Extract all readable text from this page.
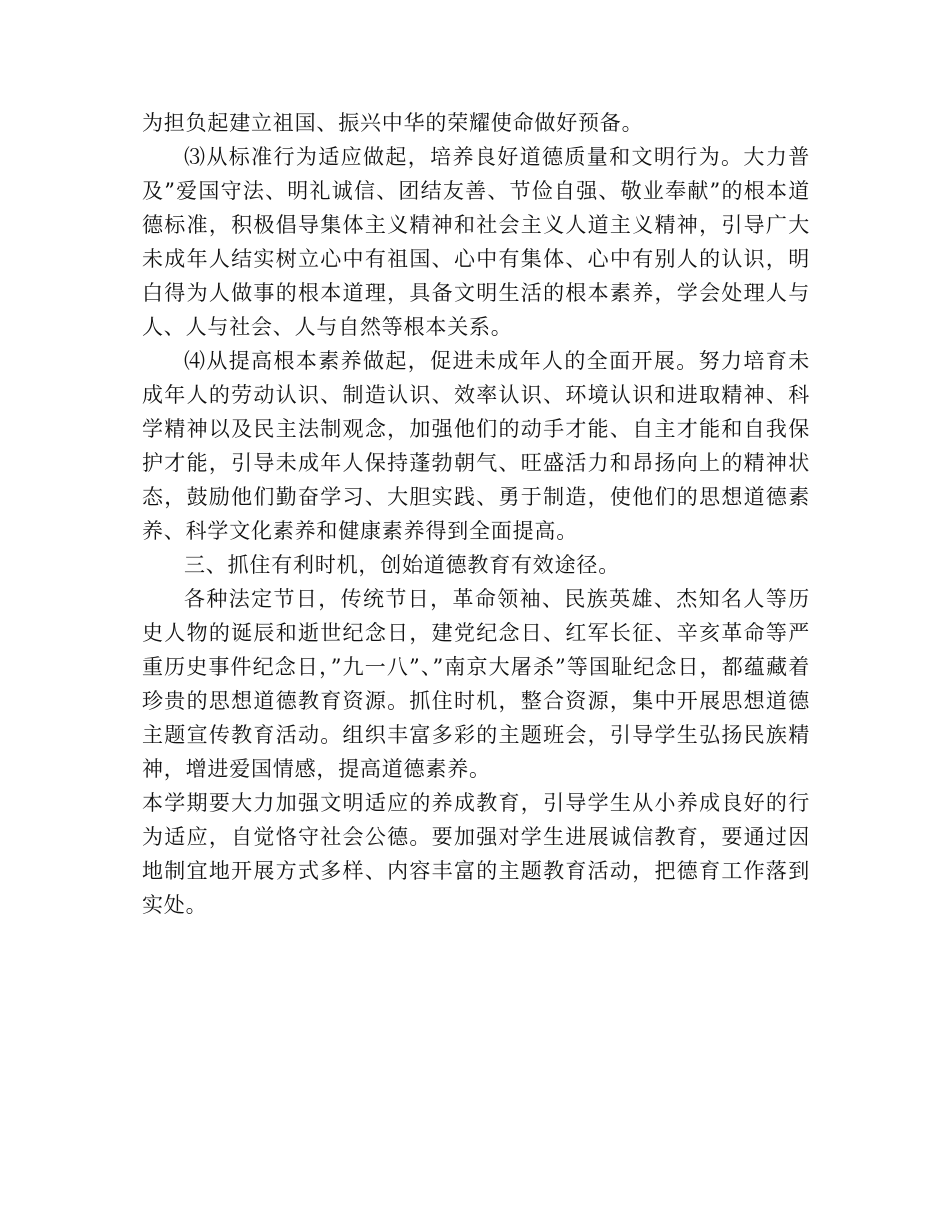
为担负起建立祖国、振兴中华的荣耀使命做好预备。

⑶从标准行为适应做起，培养良好道德质量和文明行为。大力普及”爱国守法、明礼诚信、团结友善、节俭自强、敬业奉献”的根本道德标准，积极倡导集体主义精神和社会主义人道主义精神，引导广大未成年人结实树立心中有祖国、心中有集体、心中有别人的认识，明白得为人做事的根本道理，具备文明生活的根本素养，学会处理人与人、人与社会、人与自然等根本关系。

⑷从提高根本素养做起，促进未成年人的全面开展。努力培育未成年人的劳动认识、制造认识、效率认识、环境认识和进取精神、科学精神以及民主法制观念，加强他们的动手才能、自主才能和自我保护才能，引导未成年人保持蓬勃朝气、旺盛活力和昂扬向上的精神状态，鼓励他们勤奋学习、大胆实践、勇于制造，使他们的思想道德素养、科学文化素养和健康素养得到全面提高。

三、抓住有利时机，创始道德教育有效途径。

各种法定节日，传统节日，革命领袖、民族英雄、杰知名人等历史人物的诞辰和逝世纪念日，建党纪念日、红军长征、辛亥革命等严重历史事件纪念日，”九一八”、”南京大屠杀”等国耻纪念日，都蕴藏着珍贵的思想道德教育资源。抓住时机，整合资源，集中开展思想道德主题宣传教育活动。组织丰富多彩的主题班会，引导学生弘扬民族精神，增进爱国情感，提高道德素养。

本学期要大力加强文明适应的养成教育，引导学生从小养成良好的行为适应，自觉恪守社会公德。要加强对学生进展诚信教育，要通过因地制宜地开展方式多样、内容丰富的主题教育活动，把德育工作落到实处。
